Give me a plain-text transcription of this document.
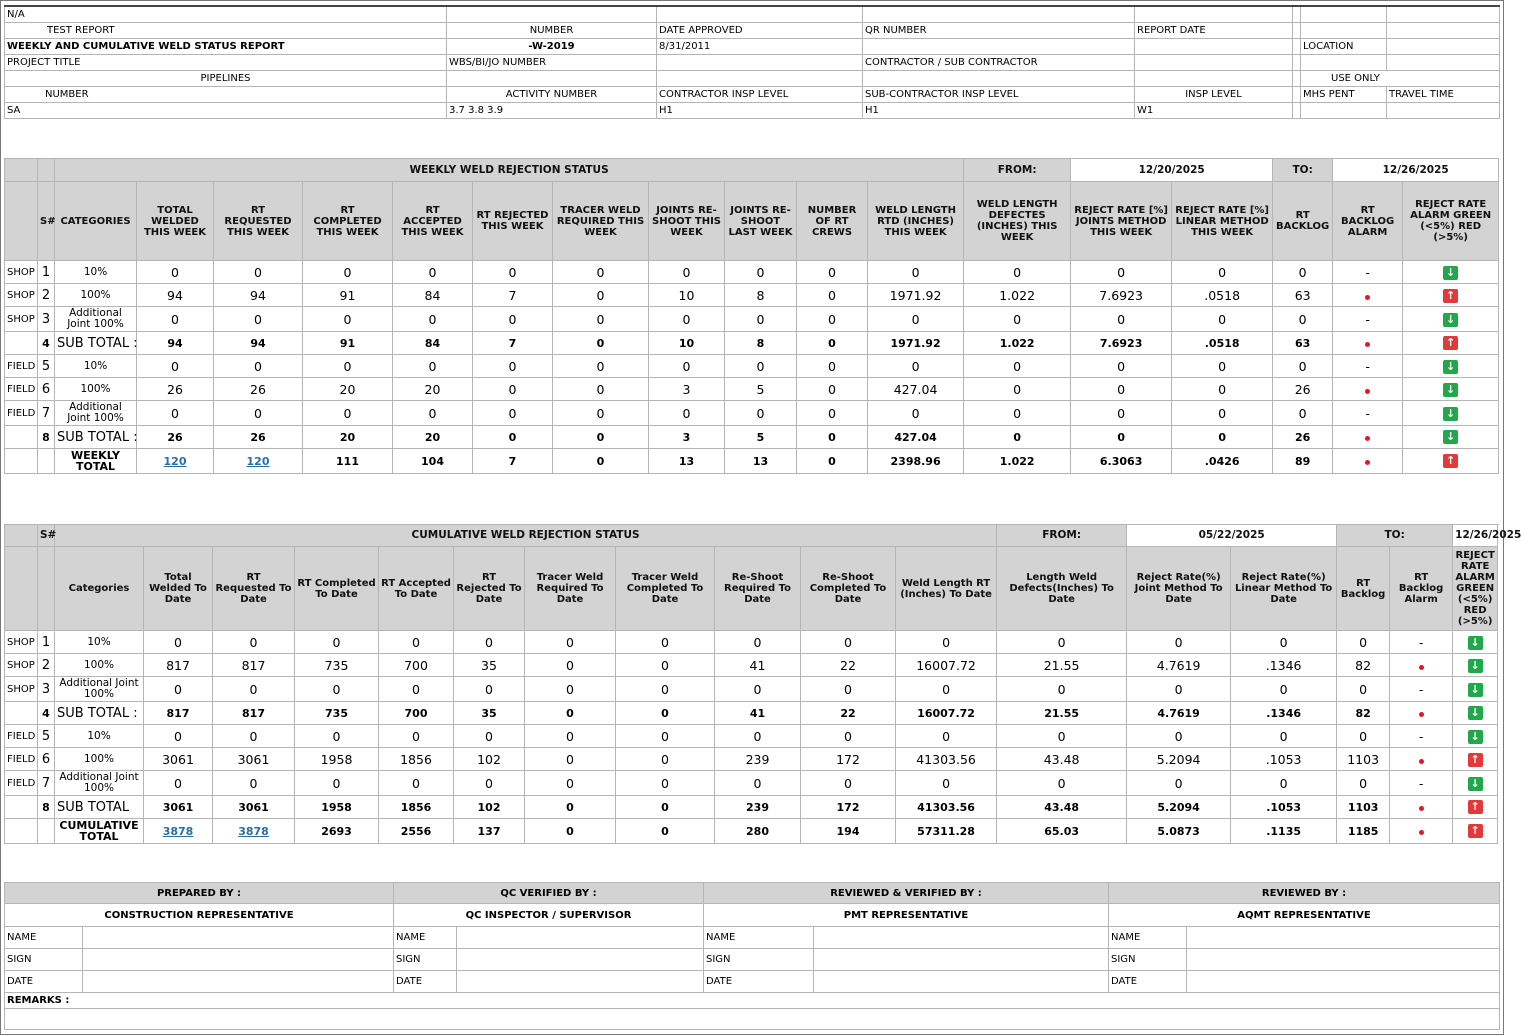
N/A							
TEST REPORT	NUMBER	DATE APPROVED	QR NUMBER	REPORT DATE			
WEEKLY AND CUMULATIVE WELD STATUS REPORT	-W-2019	8/31/2011				LOCATION	
PROJECT TITLE	WBS/BI/JO NUMBER		CONTRACTOR / SUB CONTRACTOR				
PIPELINES						USE ONLY	
NUMBER	ACTIVITY NUMBER	CONTRACTOR INSP LEVEL	SUB-CONTRACTOR INSP LEVEL	INSP LEVEL		MHS PENT	TRAVEL TIME
SA	3.7 3.8 3.9	H1	H1	W1			
		WEEKLY WELD REJECTION STATUS											FROM:	12/20/2025		TO:	12/26/2025	
	S#	CATEGORIES	TOTAL WELDED THIS WEEK	RT REQUESTED THIS WEEK	RT COMPLETED THIS WEEK	RT ACCEPTED THIS WEEK	RT REJECTED THIS WEEK	TRACER WELD REQUIRED THIS WEEK	JOINTS RE-SHOOT THIS WEEK	JOINTS RE-SHOOT LAST WEEK	NUMBER OF RT CREWS	WELD LENGTH RTD (INCHES) THIS WEEK	WELD LENGTH DEFECTES (INCHES) THIS WEEK	REJECT RATE [%] JOINTS METHOD THIS WEEK	REJECT RATE [%] LINEAR METHOD THIS WEEK	RT BACKLOG	RT BACKLOG ALARM	REJECT RATE ALARM GREEN (<5%) RED (>5%)
SHOP	1	10%	0	0	0	0	0	0	0	0	0	0	0	0	0	0	-	↓
SHOP	2	100%	94	94	91	84	7	0	10	8	0	1971.92	1.022	7.6923	.0518	63		↑
SHOP	3	Additional Joint 100%	0	0	0	0	0	0	0	0	0	0	0	0	0	0	-	↓
	4	SUB TOTAL :	94	94	91	84	7	0	10	8	0	1971.92	1.022	7.6923	.0518	63		↑
FIELD	5	10%	0	0	0	0	0	0	0	0	0	0	0	0	0	0	-	↓
FIELD	6	100%	26	26	20	20	0	0	3	5	0	427.04	0	0	0	26		↓
FIELD	7	Additional Joint 100%	0	0	0	0	0	0	0	0	0	0	0	0	0	0	-	↓
	8	SUB TOTAL :	26	26	20	20	0	0	3	5	0	427.04	0	0	0	26		↓
		WEEKLY TOTAL	120	120	111	104	7	0	13	13	0	2398.96	1.022	6.3063	.0426	89		↑
	S#	CUMULATIVE WELD REJECTION STATUS											FROM:	05/22/2025		TO:		12/26/2025
		Categories	Total Welded To Date	RT Requested To Date	RT Completed To Date	RT Accepted To Date	RT Rejected To Date	Tracer Weld Required To Date	Tracer Weld Completed To Date	Re-Shoot Required To Date	Re-Shoot Completed To Date	Weld Length RT (Inches) To Date	Length Weld Defects(Inches) To Date	Reject Rate(%) Joint Method To Date	Reject Rate(%) Linear Method To Date	RT Backlog	RT Backlog Alarm	REJECT RATE ALARM GREEN (<5%) RED (>5%)
SHOP	1	10%	0	0	0	0	0	0	0	0	0	0	0	0	0	0	-	↓
SHOP	2	100%	817	817	735	700	35	0	0	41	22	16007.72	21.55	4.7619	.1346	82		↓
SHOP	3	Additional Joint 100%	0	0	0	0	0	0	0	0	0	0	0	0	0	0	-	↓
	4	SUB TOTAL :	817	817	735	700	35	0	0	41	22	16007.72	21.55	4.7619	.1346	82		↓
FIELD	5	10%	0	0	0	0	0	0	0	0	0	0	0	0	0	0	-	↓
FIELD	6	100%	3061	3061	1958	1856	102	0	0	239	172	41303.56	43.48	5.2094	.1053	1103		↑
FIELD	7	Additional Joint 100%	0	0	0	0	0	0	0	0	0	0	0	0	0	0	-	↓
	8	SUB TOTAL	3061	3061	1958	1856	102	0	0	239	172	41303.56	43.48	5.2094	.1053	1103		↑
		CUMULATIVE TOTAL	3878	3878	2693	2556	137	0	0	280	194	57311.28	65.03	5.0873	.1135	1185		↑
PREPARED BY :		QC VERIFIED BY :		REVIEWED & VERIFIED BY :		REVIEWED BY :	
CONSTRUCTION REPRESENTATIVE		QC INSPECTOR / SUPERVISOR		PMT REPRESENTATIVE		AQMT REPRESENTATIVE	
NAME		NAME		NAME		NAME	
SIGN		SIGN		SIGN		SIGN	
DATE		DATE		DATE		DATE	
REMARKS :							
